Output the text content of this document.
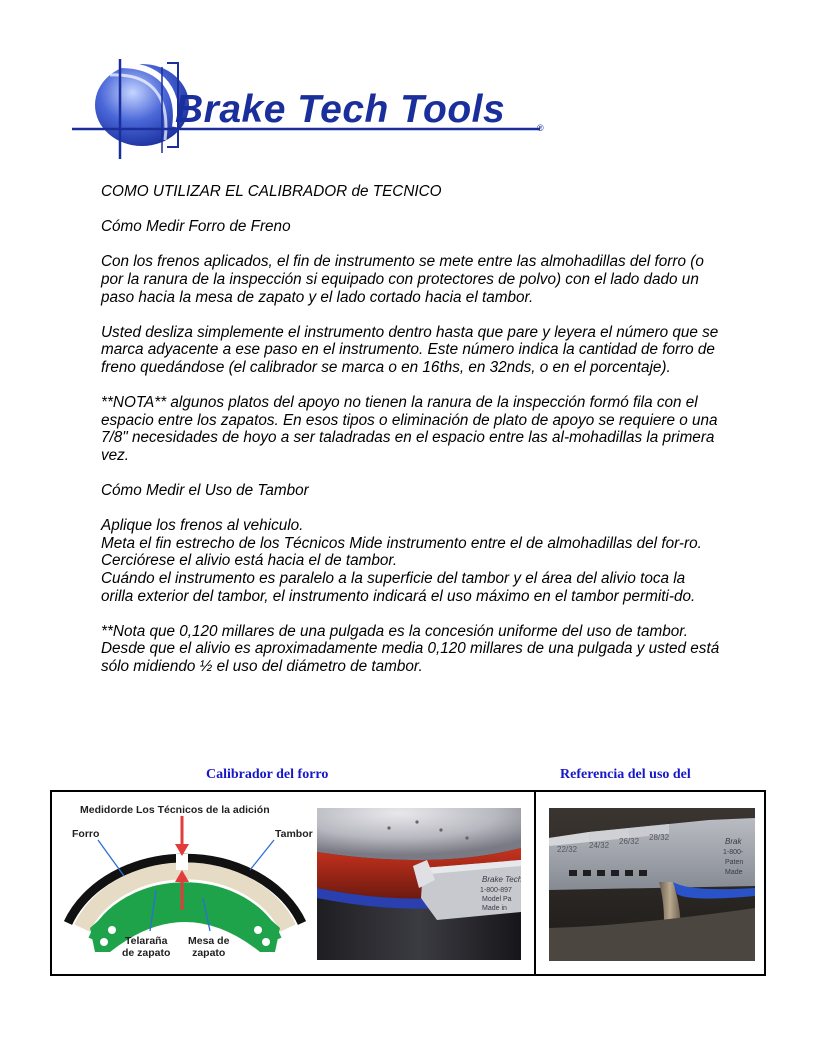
Brake Tech Tools	®

COMO UTILIZAR EL CALIBRADOR de TECNICO

Cómo Medir Forro de Freno

Con los frenos aplicados, el fin de instrumento se mete entre las almohadillas del forro (o por la ranura de la inspección si equipado con protectores de polvo) con el lado dado un paso hacia la mesa de zapato y el lado cortado hacia el tambor.

Usted desliza simplemente el instrumento dentro hasta que pare y leyera el número que se marca adyacente a ese paso en el instrumento. Este número indica la cantidad de forro de freno quedándose (el calibrador se marca o en 16ths, en 32nds, o en el porcentaje).

**NOTA** algunos platos del apoyo no tienen la ranura de la inspección formó fila con el espacio entre los zapatos. En esos tipos o eliminación de plato de apoyo se requiere o una 7/8" necesidades de hoyo a ser taladradas en el espacio entre las al-mohadillas la primera vez.

Cómo Medir el Uso de Tambor

Aplique los frenos al vehiculo.
Meta el fin estrecho de los Técnicos Mide instrumento entre el de almohadillas del for-ro.
Cerciórese el alivio está hacia el de tambor.
Cuándo el instrumento es paralelo a la superficie del tambor y el área del alivio toca la orilla exterior del tambor, el instrumento indicará el uso máximo en el tambor permiti-do.

**Nota que 0,120 millares de una pulgada es la concesión uniforme del uso de tambor. Desde que el alivio es aproximadamente media 0,120 millares de una pulgada y usted está sólo midiendo ½ el uso del diámetro de tambor.

Calibrador del forro	Referencia del uso del
Medidorde Los Técnicos de la adición
Forro	Tambor
Telaraña
de zapato
Mesa de
zapato
Brake Tech
1-800-897
Model Pa
Made in
22/32 24/32 26/32 28/32	Brak
1-800-
Paten
Made
